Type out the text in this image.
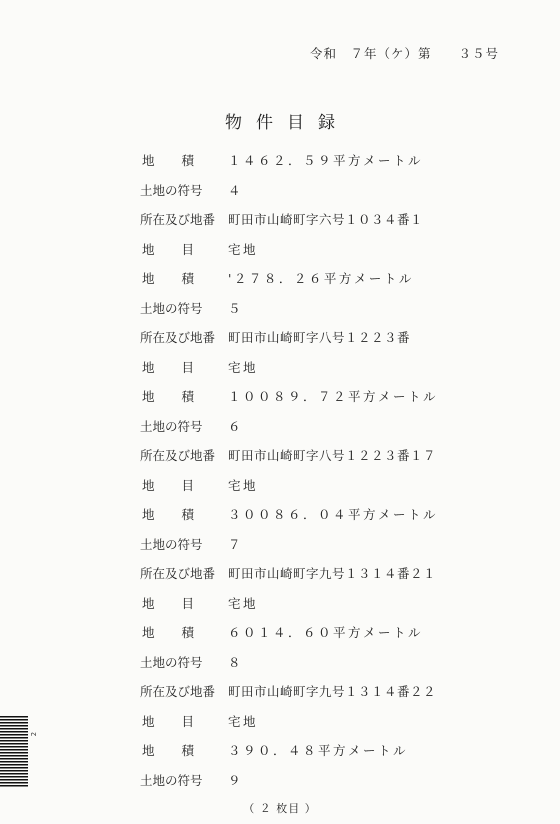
令和　７年（ケ）第　　３５号
物件目録
地 積	１４６２．５９平方メートル
土地の符号 ４
所在及び地番 町田市山崎町字六号１０３４番１
地 目	宅地
地 積	'２７８．２６平方メートル
土地の符号 ５
所在及び地番 町田市山崎町字八号１２２３番
地 目	宅地
地 積	１００８９．７２平方メートル
土地の符号 ６
所在及び地番 町田市山崎町字八号１２２３番１７
地 目	宅地
地 積	３００８６．０４平方メートル
土地の符号 ７
所在及び地番 町田市山崎町字九号１３１４番２１
地 目	宅地
地 積	６０１４．６０平方メートル
土地の符号 ８
所在及び地番 町田市山崎町字九号１３１４番２２
地 目	宅地
地 積	３９０．４８平方メートル
土地の符号 ９
（ ２ 枚目 ）
2
